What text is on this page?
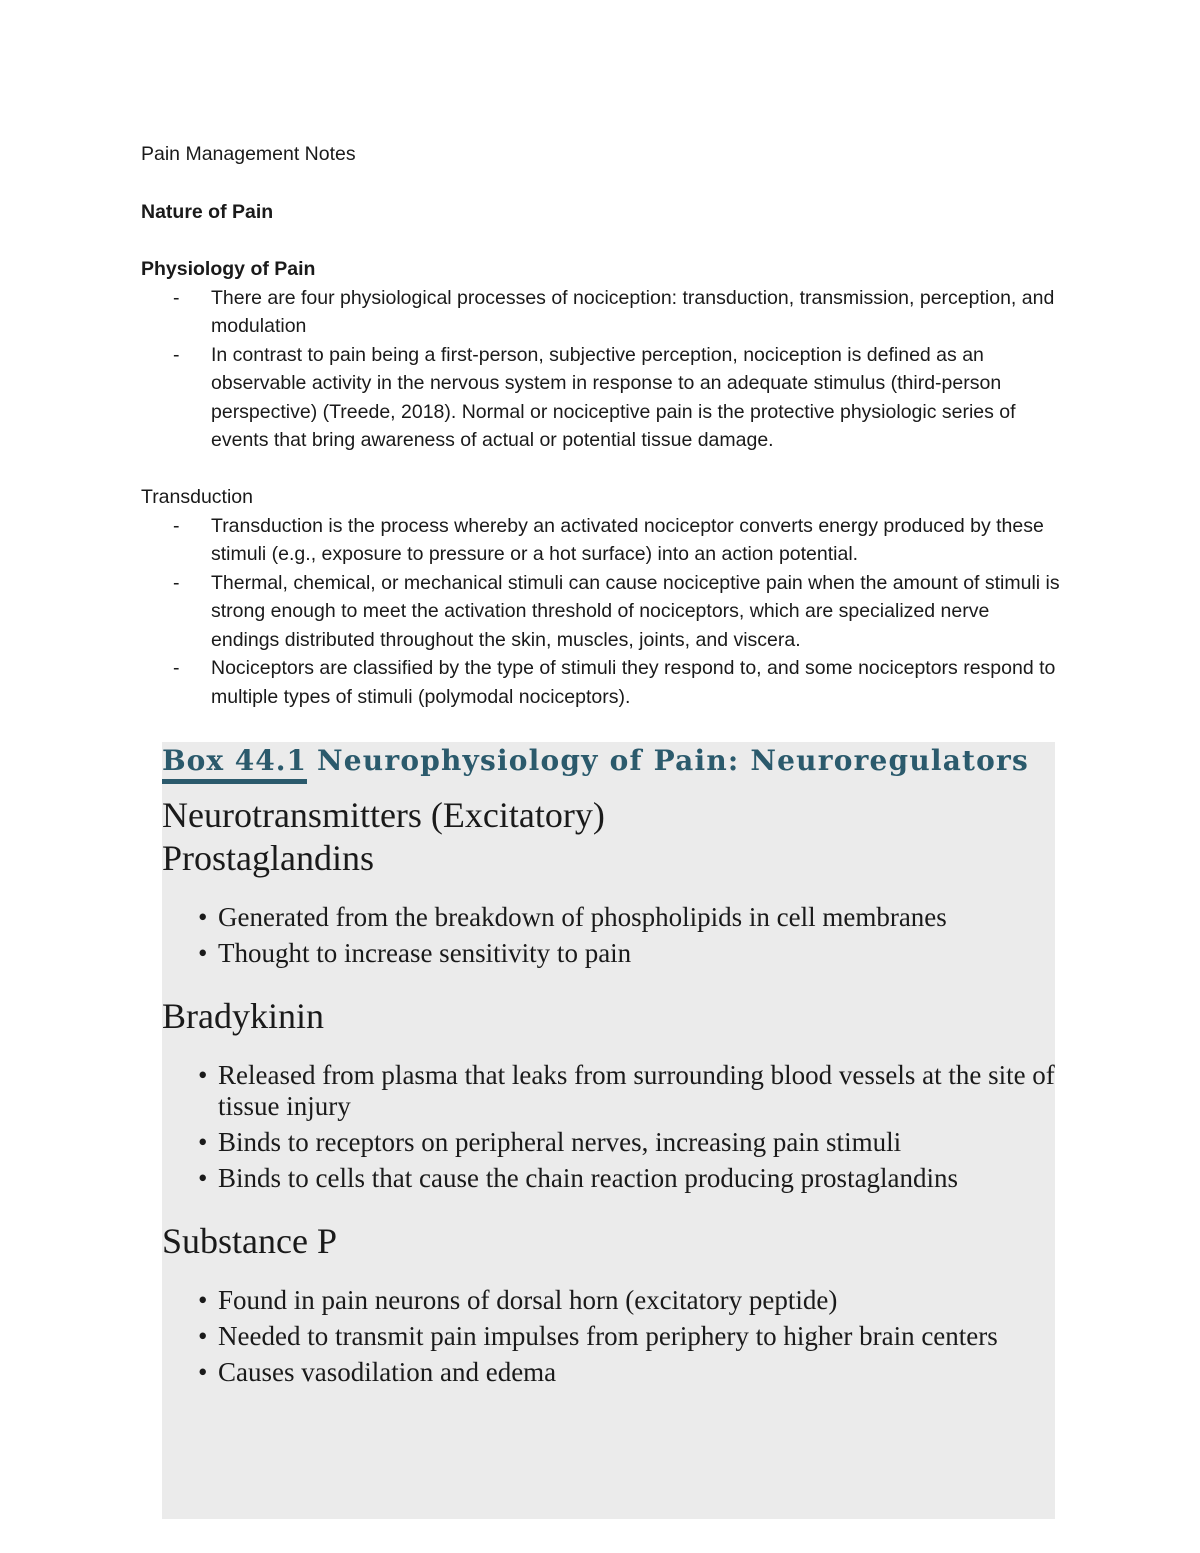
Pain Management Notes

Nature of Pain

Physiology of Pain

- There are four physiological processes of nociception: transduction, transmission, perception, and modulation
- In contrast to pain being a first-person, subjective perception, nociception is defined as an observable activity in the nervous system in response to an adequate stimulus (third-person perspective) (Treede, 2018). Normal or nociceptive pain is the protective physiologic series of events that bring awareness of actual or potential tissue damage.

Transduction

- Transduction is the process whereby an activated nociceptor converts energy produced by these stimuli (e.g., exposure to pressure or a hot surface) into an action potential.
- Thermal, chemical, or mechanical stimuli can cause nociceptive pain when the amount of stimuli is strong enough to meet the activation threshold of nociceptors, which are specialized nerve endings distributed throughout the skin, muscles, joints, and viscera.
- Nociceptors are classified by the type of stimuli they respond to, and some nociceptors respond to multiple types of stimuli (polymodal nociceptors).
Box 44.1 Neurophysiology of Pain: Neuroregulators

Neurotransmitters (Excitatory)

Prostaglandins

• Generated from the breakdown of phospholipids in cell membranes
• Thought to increase sensitivity to pain

Bradykinin

• Released from plasma that leaks from surrounding blood vessels at the site of tissue injury
• Binds to receptors on peripheral nerves, increasing pain stimuli
• Binds to cells that cause the chain reaction producing prostaglandins

Substance P

• Found in pain neurons of dorsal horn (excitatory peptide)
• Needed to transmit pain impulses from periphery to higher brain centers
• Causes vasodilation and edema
